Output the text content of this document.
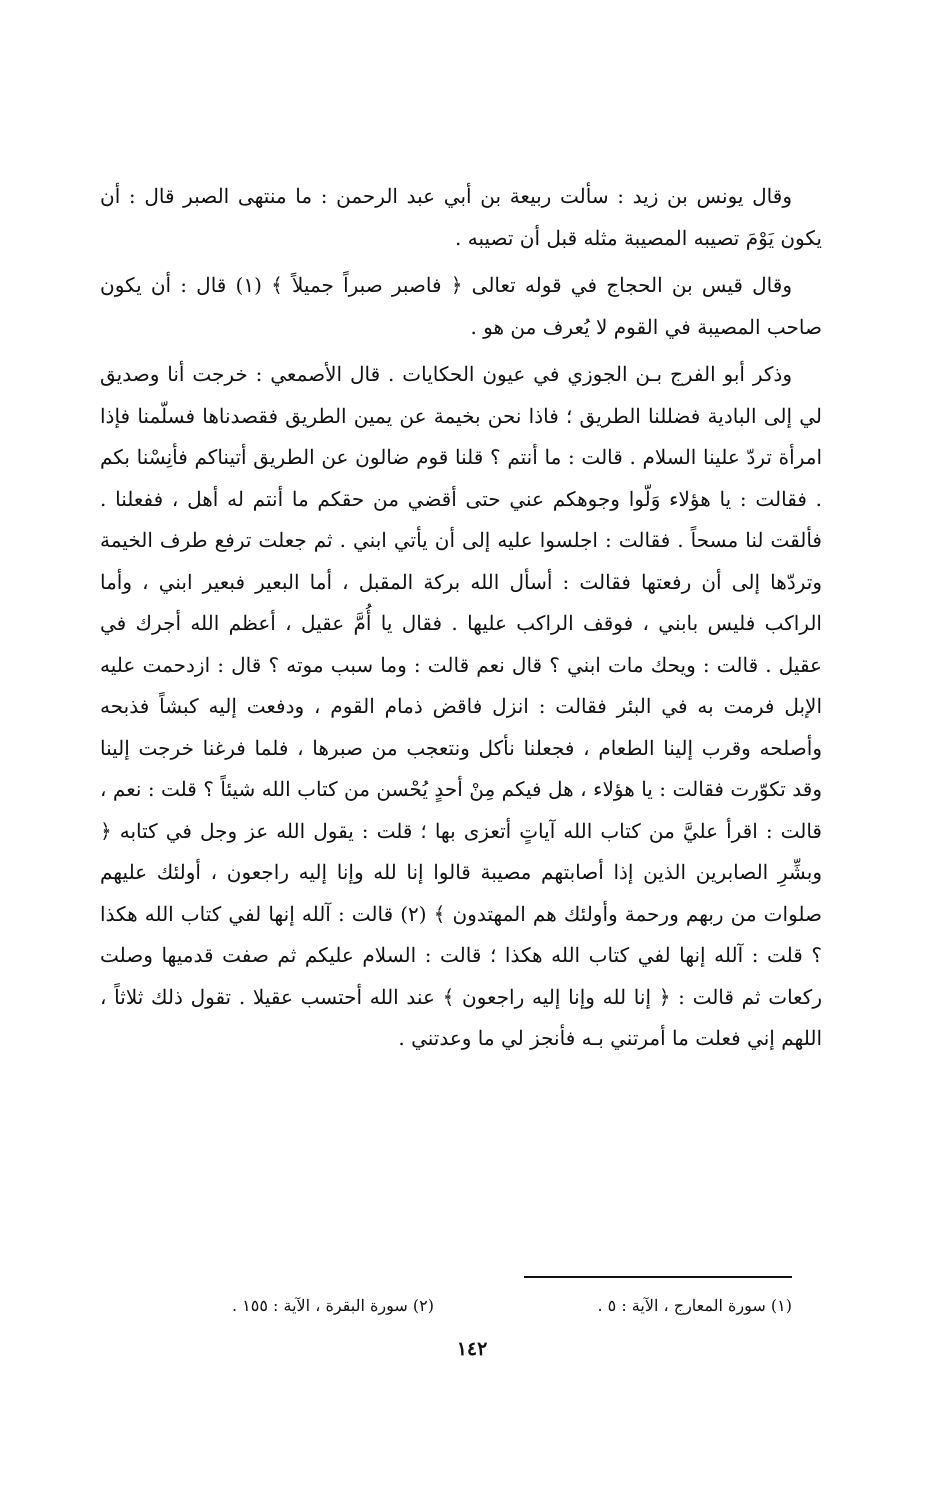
وقال يونس بن زيد : سألت ربيعة بن أبي عبد الرحمن : ما منتهى الصبر قال : أن يكون يَوْمَ تصيبه المصيبة مثله قبل أن تصيبه .

وقال قيس بن الحجاج في قوله تعالى ﴿ فاصبر صبراً جميلاً ﴾ (١) قال : أن يكون صاحب المصيبة في القوم لا يُعرف من هو .

وذكر أبو الفرج بـن الجوزي في عيون الحكايات . قال الأصمعي : خرجت أنا وصديق لي إلى البادية فضللنا الطريق ؛ فاذا نحن بخيمة عن يمين الطريق فقصدناها فسلّمنا فإذا امرأة تردّ علينا السلام . قالت : ما أنتم ؟ قلنا قوم ضالون عن الطريق أتيناكم فأنِسْنا بكم . فقالت : يا هؤلاء وَلّوا وجوهكم عني حتى أقضي من حقكم ما أنتم له أهل ، ففعلنا . فألقت لنا مسحاً . فقالت : اجلسوا عليه إلى أن يأتي ابني . ثم جعلت ترفع طرف الخيمة وتردّها إلى أن رفعتها فقالت : أسأل الله بركة المقبل ، أما البعير فبعير ابني ، وأما الراكب فليس بابني ، فوقف الراكب عليها . فقال يا أُمَّ عقيل ، أعظم الله أجرك في عقيل . قالت : ويحك مات ابني ؟ قال نعم قالت : وما سبب موته ؟ قال : ازدحمت عليه الإبل فرمت به في البئر فقالت : انزل فاقض ذمام القوم ، ودفعت إليه كبشاً فذبحه وأصلحه وقرب إلينا الطعام ، فجعلنا نأكل ونتعجب من صبرها ، فلما فرغنا خرجت إلينا وقد تكوّرت فقالت : يا هؤلاء ، هل فيكم مِنْ أحدٍ يُحْسن من كتاب الله شيئاً ؟ قلت : نعم ، قالت : اقرأ عليَّ من كتاب الله آياتٍ أتعزى بها ؛ قلت : يقول الله عز وجل في كتابه ﴿ وبشِّرِ الصابرين الذين إذا أصابتهم مصيبة قالوا إنا لله وإنا إليه راجعون ، أولئك عليهم صلوات من ربهم ورحمة وأولئك هم المهتدون ﴾ (٢) قالت : آلله إنها لفي كتاب الله هكذا ؟ قلت : آلله إنها لفي كتاب الله هكذا ؛ قالت : السلام عليكم ثم صفت قدميها وصلت ركعات ثم قالت : ﴿ إنا لله وإنا إليه راجعون ﴾ عند الله أحتسب عقيلا . تقول ذلك ثلاثاً ، اللهم إني فعلت ما أمرتني بـه فأنجز لي ما وعدتني .

(١) سورة المعارج ، الآية : ٥ .
(٢) سورة البقرة ، الآية : ١٥٥ .
١٤٢
